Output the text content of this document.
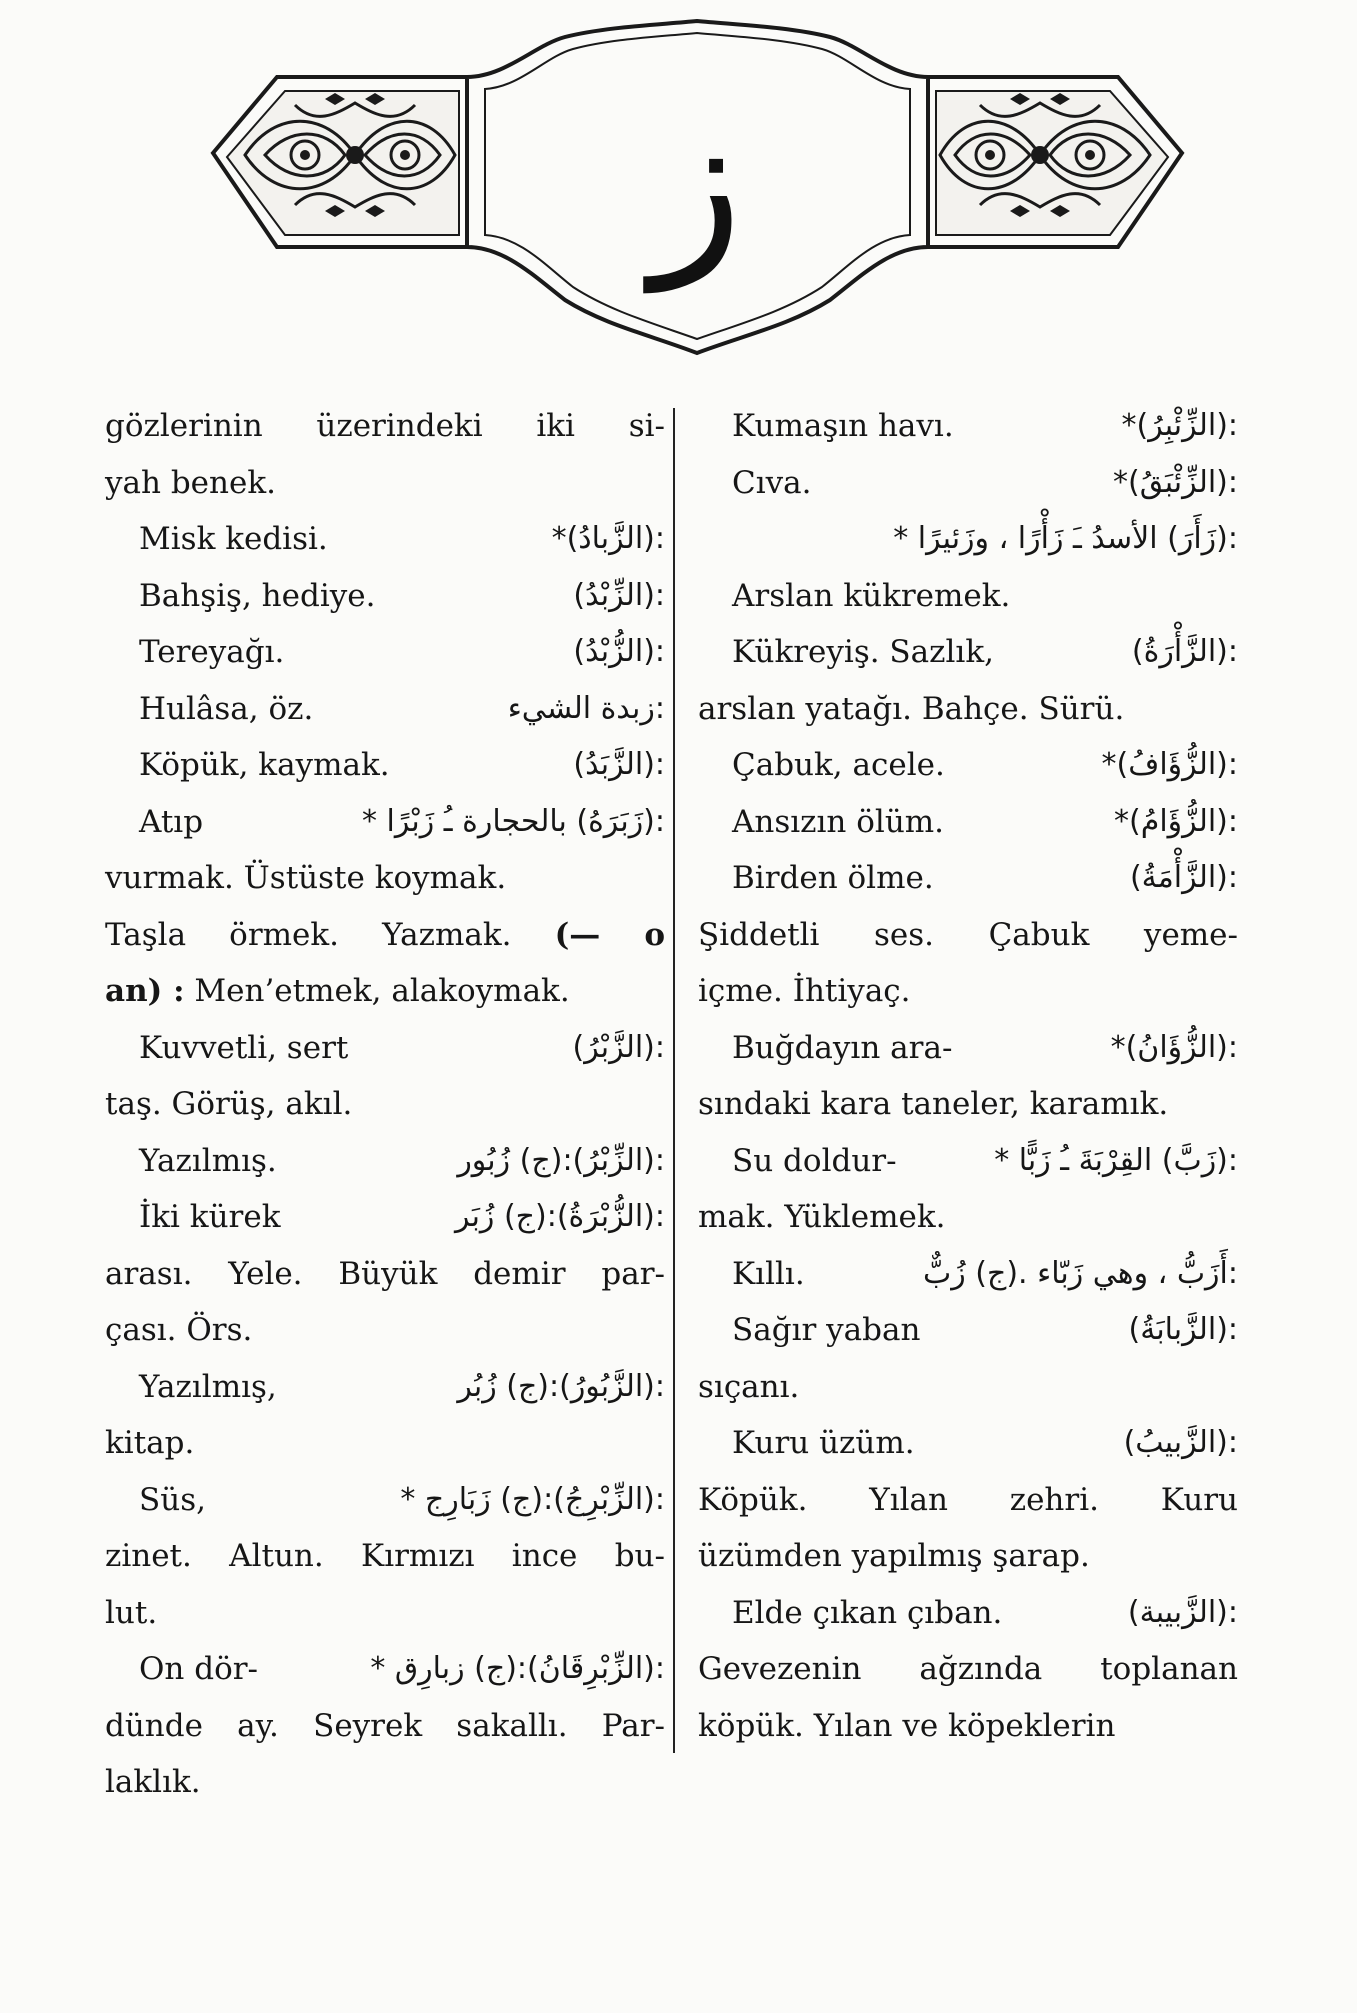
ز
gözlerinin üzerindeki iki si-
yah benek.
Misk kedisi.	:(الزَّبادُ)*
Bahşiş, hediye.	:(الزِّبْدُ)
Tereyağı.	:(الزُّبْدُ)
Hulâsa, öz.	:زبدة الشيء
Köpük, kaymak.	:(الزَّبَدُ)
Atıp	:(زَبَرَهُ) بالحجارة ـُ زَبْرًا *
vurmak. Üstüste koymak.
Taşla örmek. Yazmak. (— o
an) : Men’etmek, alakoymak.
Kuvvetli, sert	:(الزَّبْرُ)
taş. Görüş, akıl.
Yazılmış.	:(الزِّبْرُ):(ج) زُبُور
İki kürek	:(الزُّبْرَةُ):(ج) زُبَر
arası. Yele. Büyük demir par-
çası. Örs.
Yazılmış,	:(الزَّبُورُ):(ج) زُبُر
kitap.
Süs,	:(الزِّبْرِجُ):(ج) زَبَارِج *
zinet. Altun. Kırmızı ince bu-
lut.
On dör-	:(الزِّبْرِقَانُ):(ج) زبارِق *
dünde ay. Seyrek sakallı. Par-
laklık.
Kumaşın havı.	:(الزِّئْبِرُ)*
Cıva.	:(الزِّئْبَقُ)*
:(زَأَرَ) الأسدُ ـَ زَأْرًا ، وزَئيرًا *
Arslan kükremek.
Kükreyiş. Sazlık,	:(الزَّأْرَةُ)
arslan yatağı. Bahçe. Sürü.
Çabuk, acele.	:(الزُّؤَافُ)*
Ansızın ölüm.	:(الزُّؤَامُ)*
Birden ölme.	:(الزَّأْمَةُ)
Şiddetli ses. Çabuk yeme-
içme. İhtiyaç.
Buğdayın ara-	:(الزُّؤَانُ)*
sındaki kara taneler, karamık.
Su doldur-	:(زَبَّ) القِرْبَةَ ـُ زَبًّا *
mak. Yüklemek.
Kıllı.	:أَزَبُّ ، وهي زَبّاء .(ج) زُبٌّ
Sağır yaban	:(الزَّبابَةُ)
sıçanı.
Kuru üzüm.	:(الزَّبيبُ)
Köpük. Yılan zehri. Kuru
üzümden yapılmış şarap.
Elde çıkan çıban.	:(الزَّبيبة)
Gevezenin ağzında toplanan
köpük. Yılan ve köpeklerin
